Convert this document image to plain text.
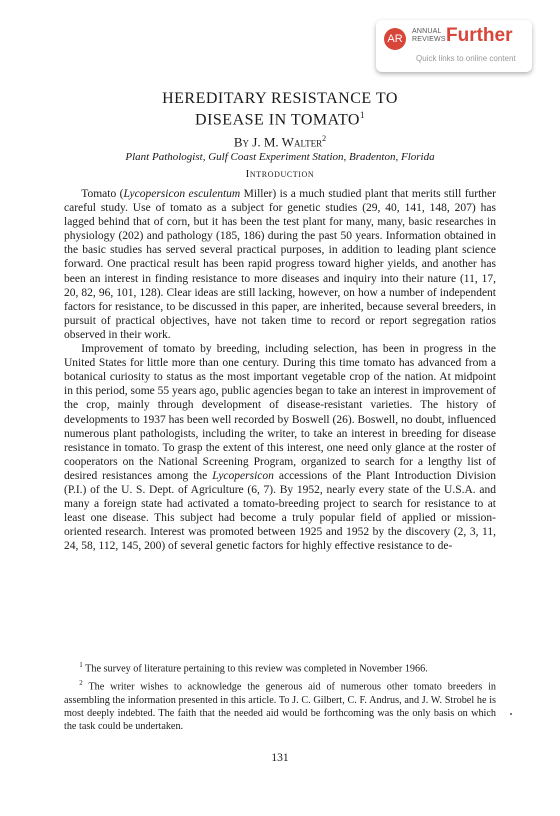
AR
ANNUAL
REVIEWS Further
Quick links to online content
HEREDITARY RESISTANCE TO
DISEASE IN TOMATO$^1$
By J. M. Walter$^2$
Plant Pathologist, Gulf Coast Experiment Station, Bradenton, Florida
Introduction

Tomato (Lycopersicon esculentum Miller) is a much studied plant that merits still further careful study. Use of tomato as a subject for genetic studies (29, 40, 141, 148, 207) has lagged behind that of corn, but it has been the test plant for many, many, basic researches in physiology (202) and pathology (185, 186) during the past 50 years. Information obtained in the basic studies has served several practical purposes, in addition to leading plant science forward. One practical result has been rapid progress toward higher yields, and another has been an interest in finding resistance to more diseases and inquiry into their nature (11, 17, 20, 82, 96, 101, 128). Clear ideas are still lacking, however, on how a number of independent factors for resistance, to be discussed in this paper, are inherited, because several breeders, in pursuit of practical objectives, have not taken time to record or report segregation ratios observed in their work.

Improvement of tomato by breeding, including selection, has been in progress in the United States for little more than one century. During this time tomato has advanced from a botanical curiosity to status as the most important vegetable crop of the nation. At midpoint in this period, some 55 years ago, public agencies began to take an interest in improvement of the crop, mainly through development of disease-resistant varieties. The history of developments to 1937 has been well recorded by Boswell (26). Boswell, no doubt, influenced numerous plant pathologists, including the writer, to take an interest in breeding for disease resistance in tomato. To grasp the extent of this interest, one need only glance at the roster of cooperators on the National Screening Program, organized to search for a lengthy list of desired resistances among the Lycopersicon accessions of the Plant Introduction Division (P.I.) of the U. S. Dept. of Agriculture (6, 7). By 1952, nearly every state of the U.S.A. and many a foreign state had activated a tomato-breeding project to search for resistance to at least one disease. This subject had become a truly popular field of applied or mission-oriented research. Interest was promoted between 1925 and 1952 by the discovery (2, 3, 11, 24, 58, 112, 145, 200) of several genetic factors for highly effective resistance to de-

$^1$ The survey of literature pertaining to this review was completed in November 1966.

$^2$ The writer wishes to acknowledge the generous aid of numerous other tomato breeders in assembling the information presented in this article. To J. C. Gilbert, C. F. Andrus, and J. W. Strobel he is most deeply indebted. The faith that the needed aid would be forthcoming was the only basis on which the task could be undertaken.

131
